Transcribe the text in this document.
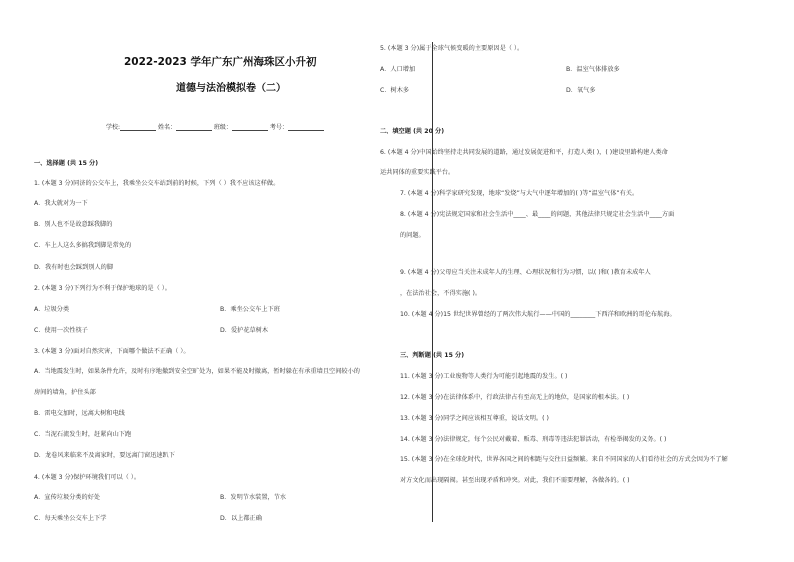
2022-2023 学年广东广州海珠区小升初
道德与法治模拟卷（二）
学校:	姓名：	班级：	考号：
一、选择题 (共 15 分)
1. (本题 3 分)同济的公交车上，我乘坐公交车站到前的时候，下列（ ）我不应该这样做。
A．我大就对为一下
B．别人也不是故意踩我脚的
C．车上人这么多搞我到脚是常免的
D．我有时也会踩到别人的脚
2. (本题 3 分)下列行为不利于保护地球的是（ ）。
A．垃圾分类	B．乘坐公交车上下班
C．使用一次性筷子	D．爱护花草树木
3. (本题 3 分)面对自然灾害，下面哪个做法不正确（ ）。
A．当地震发生时，如果条件允许，及时有序地撤到安全空旷处为，如果不能及时撤离，暂时躲在有承重墙且空间较小的
房间的墙角，护住头部
B．雷电交加时，远离大树和电线
C．当泥石流发生时，赶紧向山下跑
D．龙卷风来临来不及离家时，要远离门窗迅速趴下
4. (本题 3 分)保护环境我们可以（ ）。
A．宣传垃圾分类的好处	B．发明节水装置，节水
C．每天乘坐公交车上下学	D．以上都正确
5. (本题 3 分)属于全球气候变暖的主要原因是（ ）。
A．人口增加	B．温室气体排放多
C．树木多	D．氧气多
二、填空题 (共 20 分)
6. (本题 4 分)中国始终坚持走共同发展的道路，通过发展促进和平，打造人类( )，( )建设里路构建人类命
运共同体的重要实践平台。
7. (本题 4 分)科学家研究发现，地球“发烧”与大气中逐年增加的( )等“温室气体”有关。
8. (本题 4 分)宪法规定国家和社会生活中____、最____的问题，其他法律只规定社会生活中____方面
的问题。
9. (本题 4 分)父母应当关注未成年人的生理、心理状况和行为习惯，以( )和( )教育未成年人
，在法治社会，不得实施( )。
10. (本题 4 分)15 世纪世界曾经的了两次伟大航行——中国的________下西洋和欧洲的哥伦布航海。
三、判断题 (共 15 分)
11. (本题 3 分)工业废物等人类行为可能引起地震的发生。( )
12. (本题 3 分)在法律体系中，行政法律占有至高无上的地位，是国家的根本法。( )
13. (本题 3 分)同学之间应该相互尊重，说话文明。( )
14. (本题 3 分)法律规定，每个公民对戴着、贩毒、刑毒等违法犯罪活动，有检举揭发的义务。( )
15. (本题 3 分)在全球化时代，世界各国之间的相距与交往日益频繁。来自不同国家的人们看待社会的方式会因为不了解
对方文化而出现隔阂。甚至出现矛盾和冲突。对此，我们不需要理解，各做各的。( )
